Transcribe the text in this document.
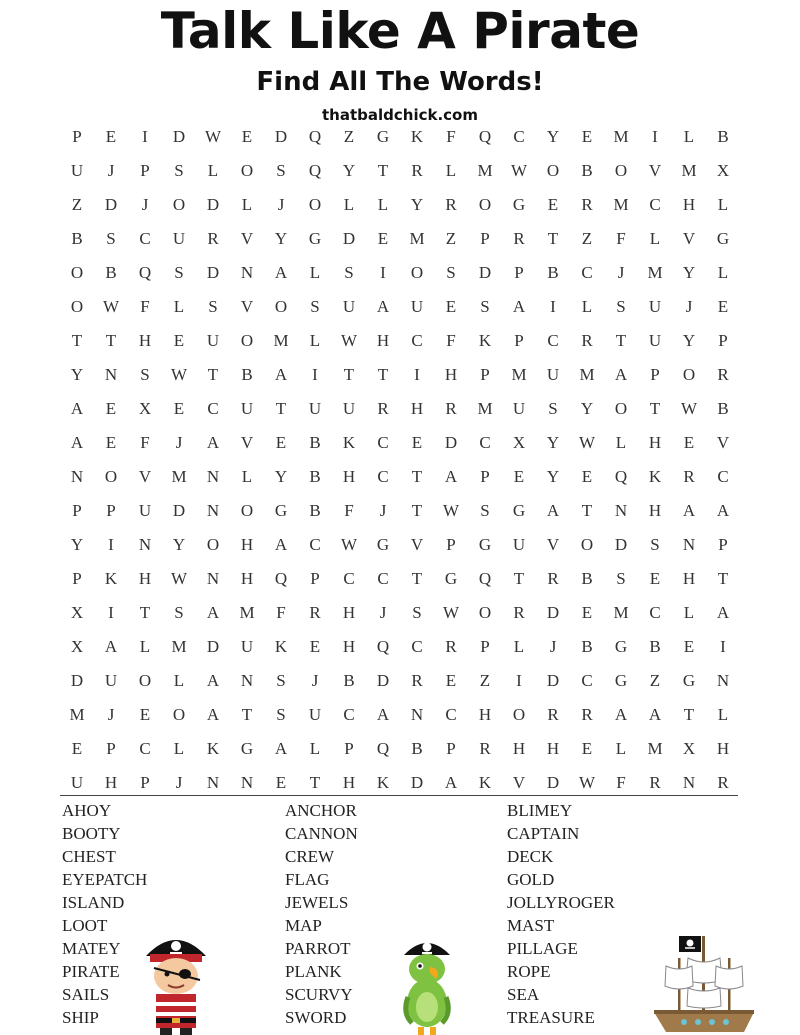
Talk Like A Pirate
Find All The Words!
thatbaldchick.com
P	E	I	D	W	E	D	Q	Z	G	K	F	Q	C	Y	E	M	I	L	B
U	J	P	S	L	O	S	Q	Y	T	R	L	M	W	O	B	O	V	M	X
Z	D	J	O	D	L	J	O	L	L	Y	R	O	G	E	R	M	C	H	L
B	S	C	U	R	V	Y	G	D	E	M	Z	P	R	T	Z	F	L	V	G
O	B	Q	S	D	N	A	L	S	I	O	S	D	P	B	C	J	M	Y	L
O	W	F	L	S	V	O	S	U	A	U	E	S	A	I	L	S	U	J	E
T	T	H	E	U	O	M	L	W	H	C	F	K	P	C	R	T	U	Y	P
Y	N	S	W	T	B	A	I	T	T	I	H	P	M	U	M	A	P	O	R
A	E	X	E	C	U	T	U	U	R	H	R	M	U	S	Y	O	T	W	B
A	E	F	J	A	V	E	B	K	C	E	D	C	X	Y	W	L	H	E	V
N	O	V	M	N	L	Y	B	H	C	T	A	P	E	Y	E	Q	K	R	C
P	P	U	D	N	O	G	B	F	J	T	W	S	G	A	T	N	H	A	A
Y	I	N	Y	O	H	A	C	W	G	V	P	G	U	V	O	D	S	N	P
P	K	H	W	N	H	Q	P	C	C	T	G	Q	T	R	B	S	E	H	T
X	I	T	S	A	M	F	R	H	J	S	W	O	R	D	E	M	C	L	A
X	A	L	M	D	U	K	E	H	Q	C	R	P	L	J	B	G	B	E	I
D	U	O	L	A	N	S	J	B	D	R	E	Z	I	D	C	G	Z	G	N
M	J	E	O	A	T	S	U	C	A	N	C	H	O	R	R	A	A	T	L
E	P	C	L	K	G	A	L	P	Q	B	P	R	H	H	E	L	M	X	H
U	H	P	J	N	N	E	T	H	K	D	A	K	V	D	W	F	R	N	R
AHOY
BOOTY
CHEST
EYEPATCH
ISLAND
LOOT
MATEY
PIRATE
SAILS
SHIP
ANCHOR
CANNON
CREW
FLAG
JEWELS
MAP
PARROT
PLANK
SCURVY
SWORD
BLIMEY
CAPTAIN
DECK
GOLD
JOLLYROGER
MAST
PILLAGE
ROPE
SEA
TREASURE
